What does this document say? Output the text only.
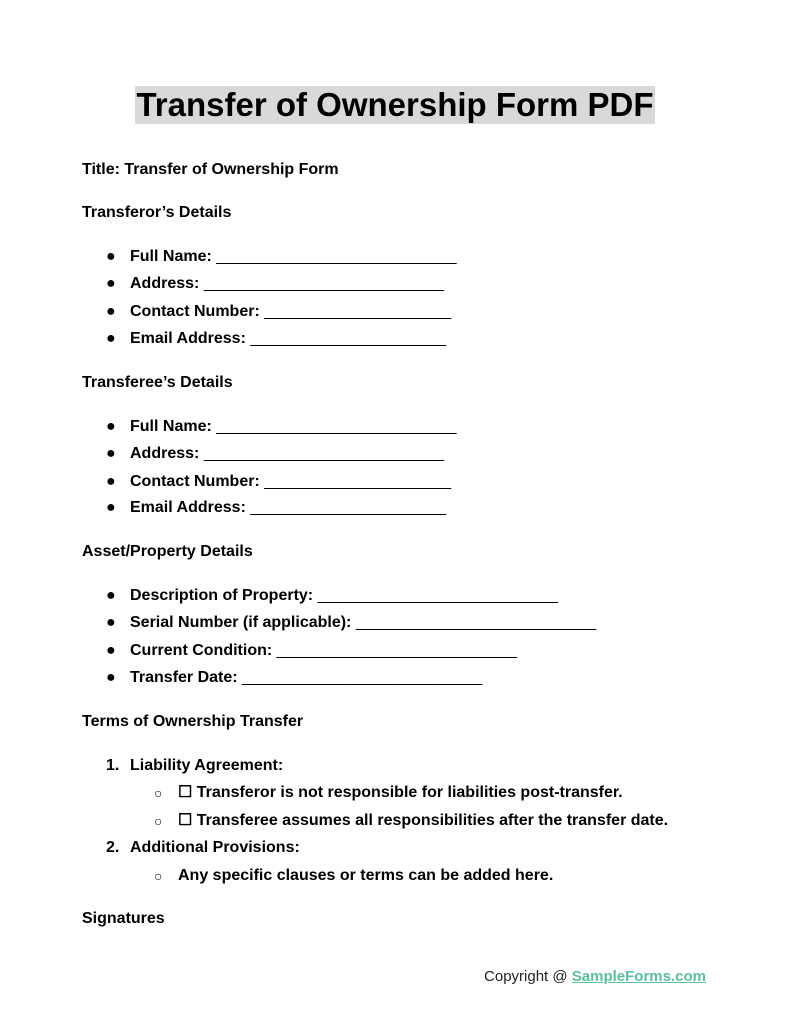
Transfer of Ownership Form PDF
Title: Transfer of Ownership Form
Transferor’s Details
● Full Name: ___________________________
● Address: ___________________________
● Contact Number: _____________________
● Email Address: ______________________
Transferee’s Details
● Full Name: ___________________________
● Address: ___________________________
● Contact Number: _____________________
● Email Address: ______________________
Asset/Property Details
● Description of Property: ___________________________
● Serial Number (if applicable): ___________________________
● Current Condition: ___________________________
● Transfer Date: ___________________________
Terms of Ownership Transfer
1. Liability Agreement:
○ ☐ Transferor is not responsible for liabilities post-transfer.
○ ☐ Transferee assumes all responsibilities after the transfer date.
2. Additional Provisions:
○ Any specific clauses or terms can be added here.
Signatures
Copyright @ SampleForms.com
